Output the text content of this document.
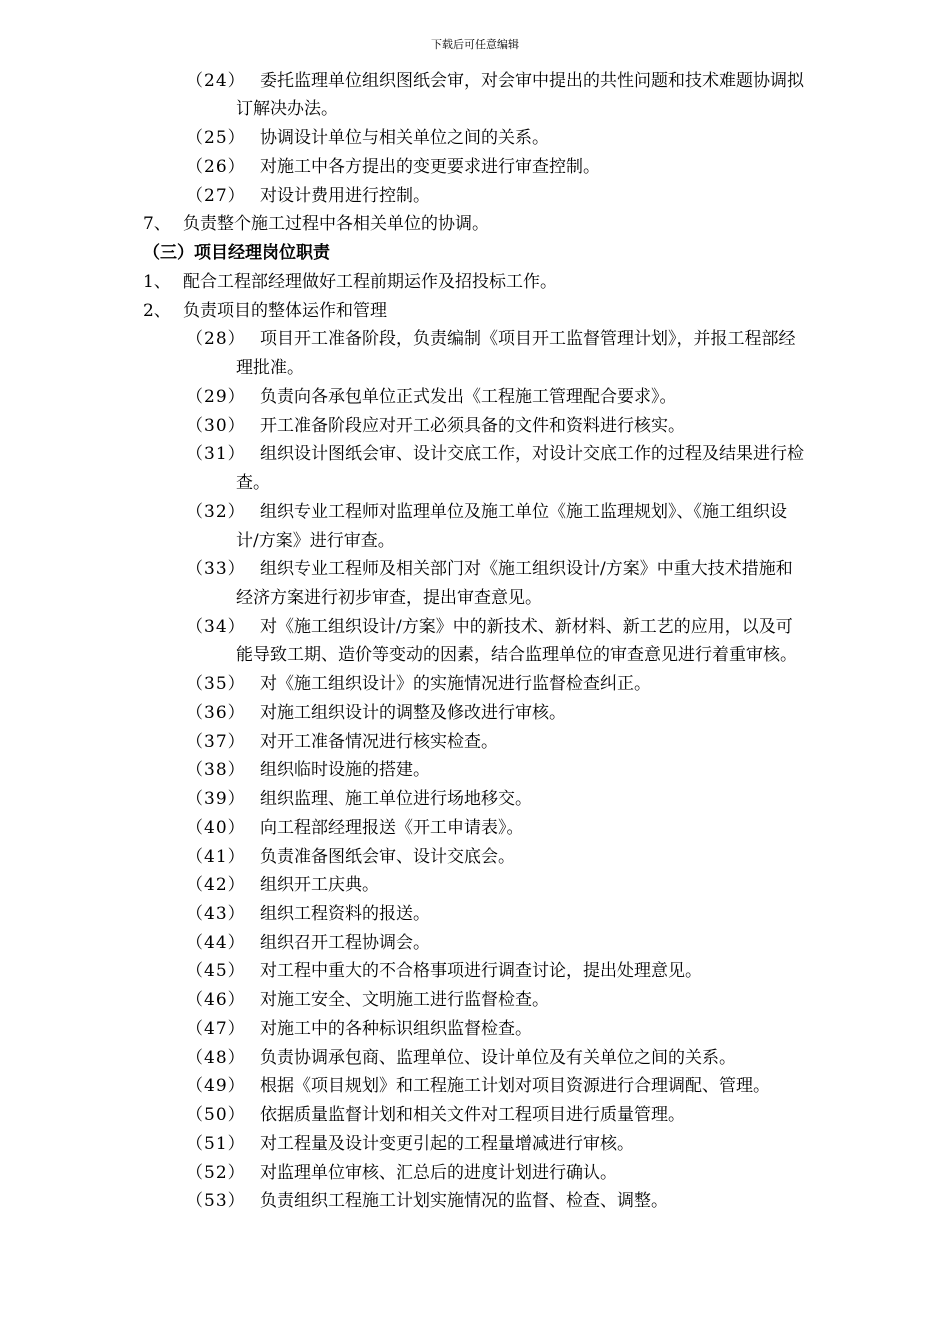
下载后可任意编辑
（24） 委托监理单位组织图纸会审，对会审中提出的共性问题和技术难题协调拟
订解决办法。
（25） 协调设计单位与相关单位之间的关系。
（26） 对施工中各方提出的变更要求进行审查控制。
（27） 对设计费用进行控制。
7、 负责整个施工过程中各相关单位的协调。
（三）项目经理岗位职责
1、 配合工程部经理做好工程前期运作及招投标工作。
2、 负责项目的整体运作和管理
（28） 项目开工准备阶段，负责编制《项目开工监督管理计划》，并报工程部经
理批准。
（29） 负责向各承包单位正式发出《工程施工管理配合要求》。
（30） 开工准备阶段应对开工必须具备的文件和资料进行核实。
（31） 组织设计图纸会审、设计交底工作，对设计交底工作的过程及结果进行检
查。
（32） 组织专业工程师对监理单位及施工单位《施工监理规划》、《施工组织设
计/方案》进行审查。
（33） 组织专业工程师及相关部门对《施工组织设计/方案》中重大技术措施和
经济方案进行初步审查，提出审查意见。
（34） 对《施工组织设计/方案》中的新技术、新材料、新工艺的应用，以及可
能导致工期、造价等变动的因素，结合监理单位的审查意见进行着重审核。
（35） 对《施工组织设计》的实施情况进行监督检查纠正。
（36） 对施工组织设计的调整及修改进行审核。
（37） 对开工准备情况进行核实检查。
（38） 组织临时设施的搭建。
（39） 组织监理、施工单位进行场地移交。
（40） 向工程部经理报送《开工申请表》。
（41） 负责准备图纸会审、设计交底会。
（42） 组织开工庆典。
（43） 组织工程资料的报送。
（44） 组织召开工程协调会。
（45） 对工程中重大的不合格事项进行调查讨论，提出处理意见。
（46） 对施工安全、文明施工进行监督检查。
（47） 对施工中的各种标识组织监督检查。
（48） 负责协调承包商、监理单位、设计单位及有关单位之间的关系。
（49） 根据《项目规划》和工程施工计划对项目资源进行合理调配、管理。
（50） 依据质量监督计划和相关文件对工程项目进行质量管理。
（51） 对工程量及设计变更引起的工程量增减进行审核。
（52） 对监理单位审核、汇总后的进度计划进行确认。
（53） 负责组织工程施工计划实施情况的监督、检查、调整。
